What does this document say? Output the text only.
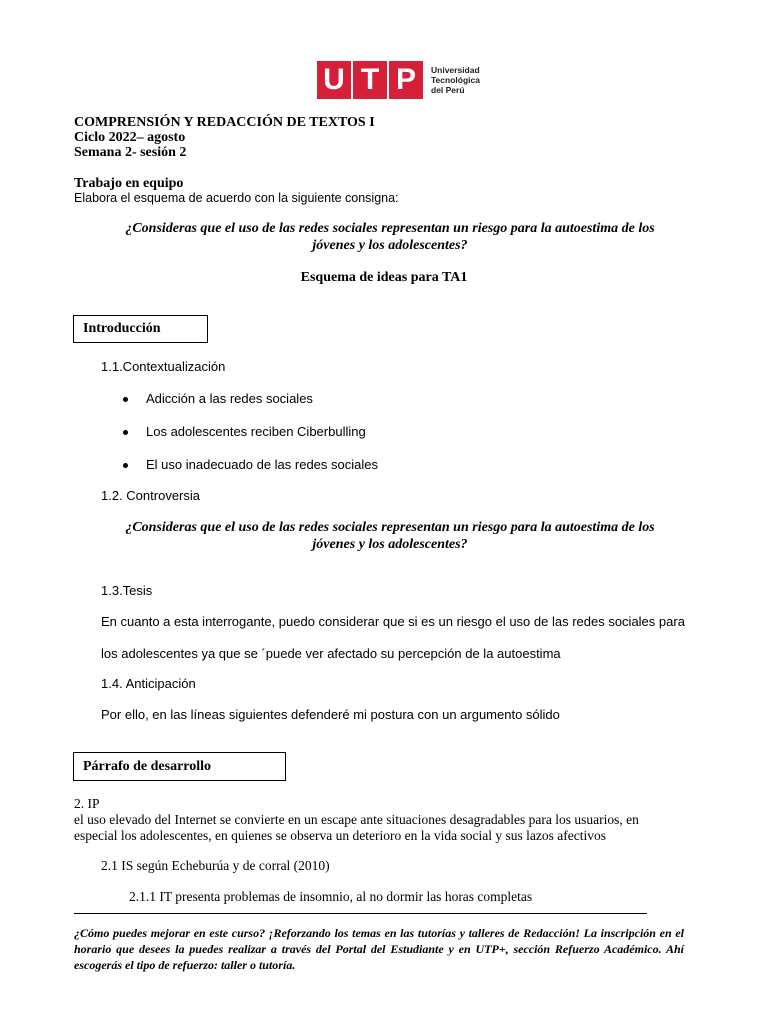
U T P	Universidad
Tecnológica
del Perú
COMPRENSIÓN Y REDACCIÓN DE TEXTOS I
Ciclo 2022– agosto
Semana 2- sesión 2
Trabajo en equipo
Elabora el esquema de acuerdo con la siguiente consigna:
¿Consideras que el uso de las redes sociales representan un riesgo para la autoestima de los
jóvenes y los adolescentes?
Esquema de ideas para TA1
Introducción
1.1.Contextualización
Adicción a las redes sociales
Los adolescentes reciben Ciberbulling
El uso inadecuado de las redes sociales
1.2. Controversia
¿Consideras que el uso de las redes sociales representan un riesgo para la autoestima de los
jóvenes y los adolescentes?
1.3.Tesis
En cuanto a esta interrogante, puedo considerar que si es un riesgo el uso de las redes sociales para
los adolescentes ya que se ´puede ver afectado su percepción de la autoestima
1.4. Anticipación
Por ello, en las líneas siguientes defenderé mi postura con un argumento sólido
Párrafo de desarrollo
2. IP
el uso elevado del Internet se convierte en un escape ante situaciones desagradables para los usuarios, en
especial los adolescentes, en quienes se observa un deterioro en la vida social y sus lazos afectivos
2.1 IS según Echeburúa y de corral (2010)
2.1.1 IT presenta problemas de insomnio, al no dormir las horas completas
¿Cómo puedes mejorar en este curso? ¡Reforzando los temas en las tutorías y talleres de Redacción! La inscripción en el horario que desees la puedes realizar a través del Portal del Estudiante y en UTP+, sección Refuerzo Académico. Ahí escogerás el tipo de refuerzo: taller o tutoría.
